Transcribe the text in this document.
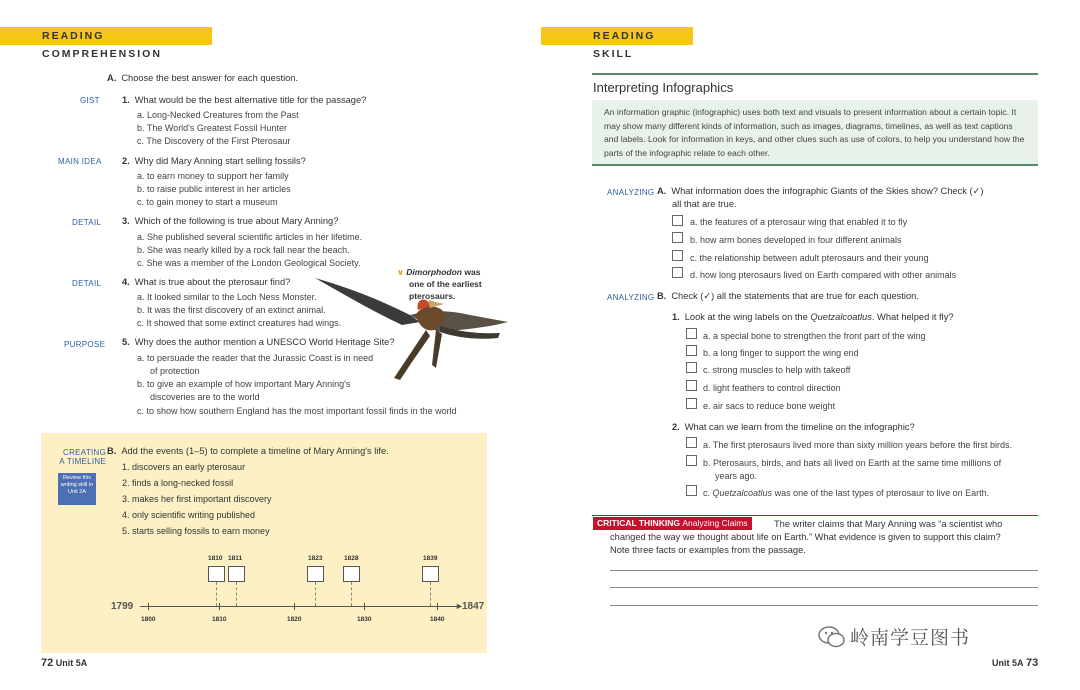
READING COMPREHENSION
A. Choose the best answer for each question.
GIST 1. What would be the best alternative title for the passage?
a. Long-Necked Creatures from the Past
b. The World's Greatest Fossil Hunter
c. The Discovery of the First Pterosaur
MAIN IDEA 2. Why did Mary Anning start selling fossils?
a. to earn money to support her family
b. to raise public interest in her articles
c. to gain money to start a museum
DETAIL 3. Which of the following is true about Mary Anning?
a. She published several scientific articles in her lifetime.
b. She was nearly killed by a rock fall near the beach.
c. She was a member of the London Geological Society.
DETAIL 4. What is true about the pterosaur find?
a. It looked similar to the Loch Ness Monster.
b. It was the first discovery of an extinct animal.
c. It showed that some extinct creatures had wings.
PURPOSE 5. Why does the author mention a UNESCO World Heritage Site?
a. to persuade the reader that the Jurassic Coast is in need
of protection
b. to give an example of how important Mary Anning's
discoveries are to the world
c. to show how southern England has the most important fossil finds in the world
∨ Dimorphodon was
one of the earliest
pterosaurs.
CREATING
A TIMELINE
Review this writing skill in Unit 2A
B. Add the events (1–5) to complete a timeline of Mary Anning's life.
1. discovers an early pterosaur
2. finds a long-necked fossil
3. makes her first important discovery
4. only scientific writing published
5. starts selling fossils to earn money
1810 1811	1823	1828	1839
1799	►
1847
1800	1810	1820	1830	1840
72 Unit 5A
READING SKILL
Interpreting Infographics
An information graphic (infographic) uses both text and visuals to present information about a certain topic. It may show many different kinds of information, such as images, diagrams, timelines, as well as text captions and labels. Look for information in keys, and other clues such as use of colors, to help you understand how the parts of the infographic relate to each other.
ANALYZING A. What information does the infographic Giants of the Skies show? Check (✓)
all that are true.
a. the features of a pterosaur wing that enabled it to fly
b. how arm bones developed in four different animals
c. the relationship between adult pterosaurs and their young
d. how long pterosaurs lived on Earth compared with other animals
ANALYZING B. Check (✓) all the statements that are true for each question.
1. Look at the wing labels on the Quetzalcoatlus. What helped it fly?
a. a special bone to strengthen the front part of the wing
b. a long finger to support the wing end
c. strong muscles to help with takeoff
d. light feathers to control direction
e. air sacs to reduce bone weight
2. What can we learn from the timeline on the infographic?
a. The first pterosaurs lived more than sixty million years before the first birds.
b. Pterosaurs, birds, and bats all lived on Earth at the same time millions of
years ago.
c. Quetzalcoatlus was one of the last types of pterosaur to live on Earth.
CRITICAL THINKING Analyzing Claims	The writer claims that Mary Anning was “a scientist who
changed the way we thought about life on Earth.” What evidence is given to support this claim?
Note three facts or examples from the passage.
岭南学豆图书
Unit 5A 73
